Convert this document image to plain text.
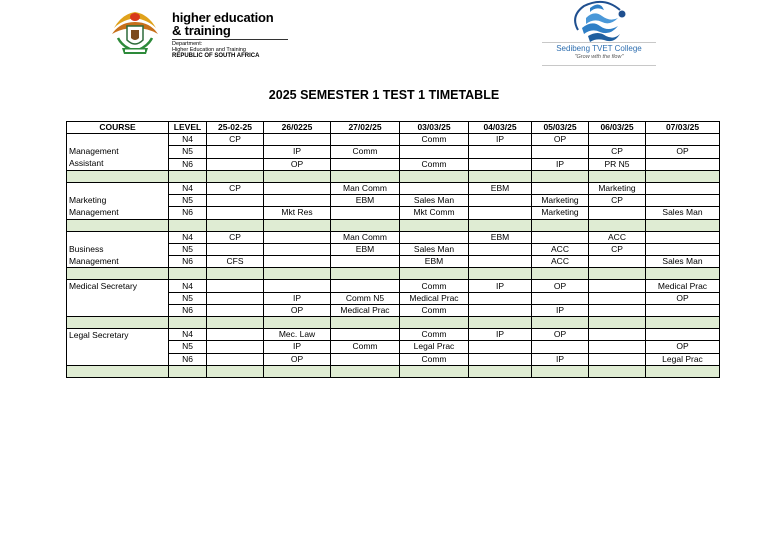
higher education
& training
Department:
Higher Education and Training
REPUBLIC OF SOUTH AFRICA
Sedibeng TVET College
"Grow with the flow"
2025 SEMESTER 1 TEST 1 TIMETABLE
COURSE	LEVEL	25-02-25	26/0225	27/02/25	03/03/25	04/03/25	05/03/25	06/03/25	07/03/25
	N4	CP			Comm	IP	OP		
Management	N5		IP	Comm				CP	OP
Assistant	N6		OP		Comm		IP	PR N5	

	N4	CP		Man Comm		EBM		Marketing	
Marketing	N5			EBM	Sales Man		Marketing	CP	
Management	N6		Mkt Res		Mkt Comm		Marketing		Sales Man

	N4	CP		Man Comm		EBM		ACC	
Business	N5			EBM	Sales Man		ACC	CP	
Management	N6	CFS			EBM		ACC		Sales Man

Medical Secretary	N4				Comm	IP	OP		Medical Prac
	N5		IP	Comm N5	Medical Prac				OP
	N6		OP	Medical Prac	Comm		IP		

Legal Secretary	N4		Mec. Law		Comm	IP	OP		
	N5		IP	Comm	Legal Prac				OP
	N6		OP		Comm		IP		Legal Prac
